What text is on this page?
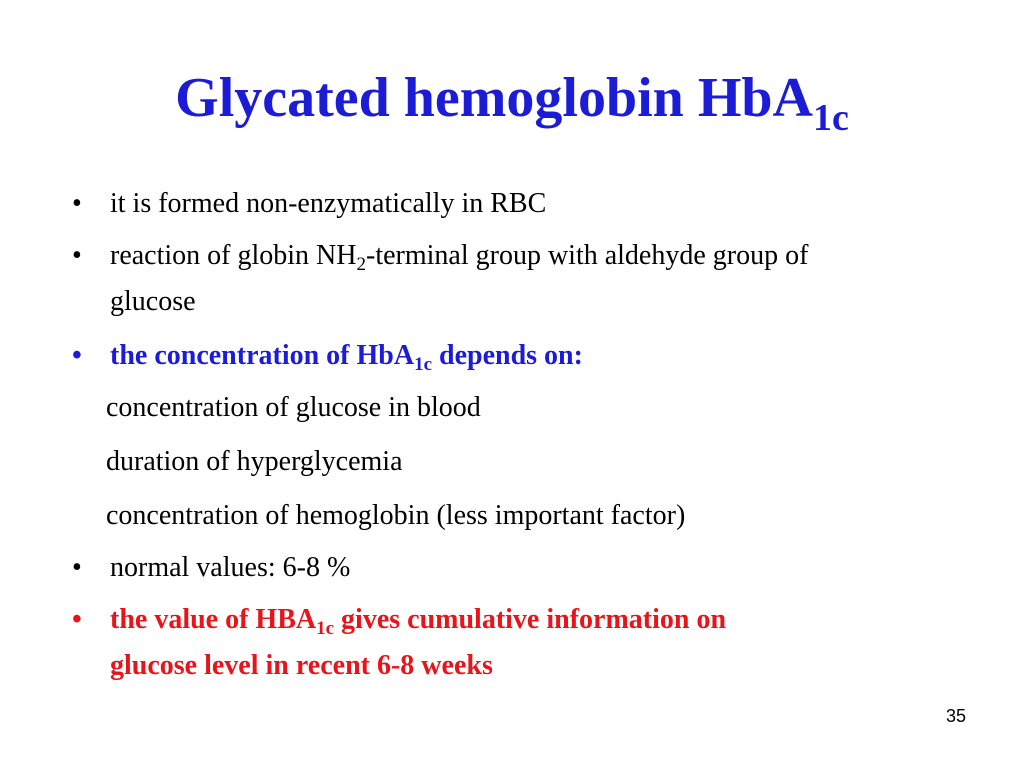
Glycated hemoglobin HbA$_{1c}$
• it is formed non-enzymatically in RBC
• reaction of globin $NH_2$-terminal group with aldehyde group of
glucose
• the concentration of HbA$_{1c}$ depends on:
concentration of glucose in blood
duration of hyperglycemia
concentration of hemoglobin (less important factor)
• normal values: 6-8 %
• the value of $HBA_{1c}$ gives cumulative information on
glucose level in recent 6-8 weeks
35
